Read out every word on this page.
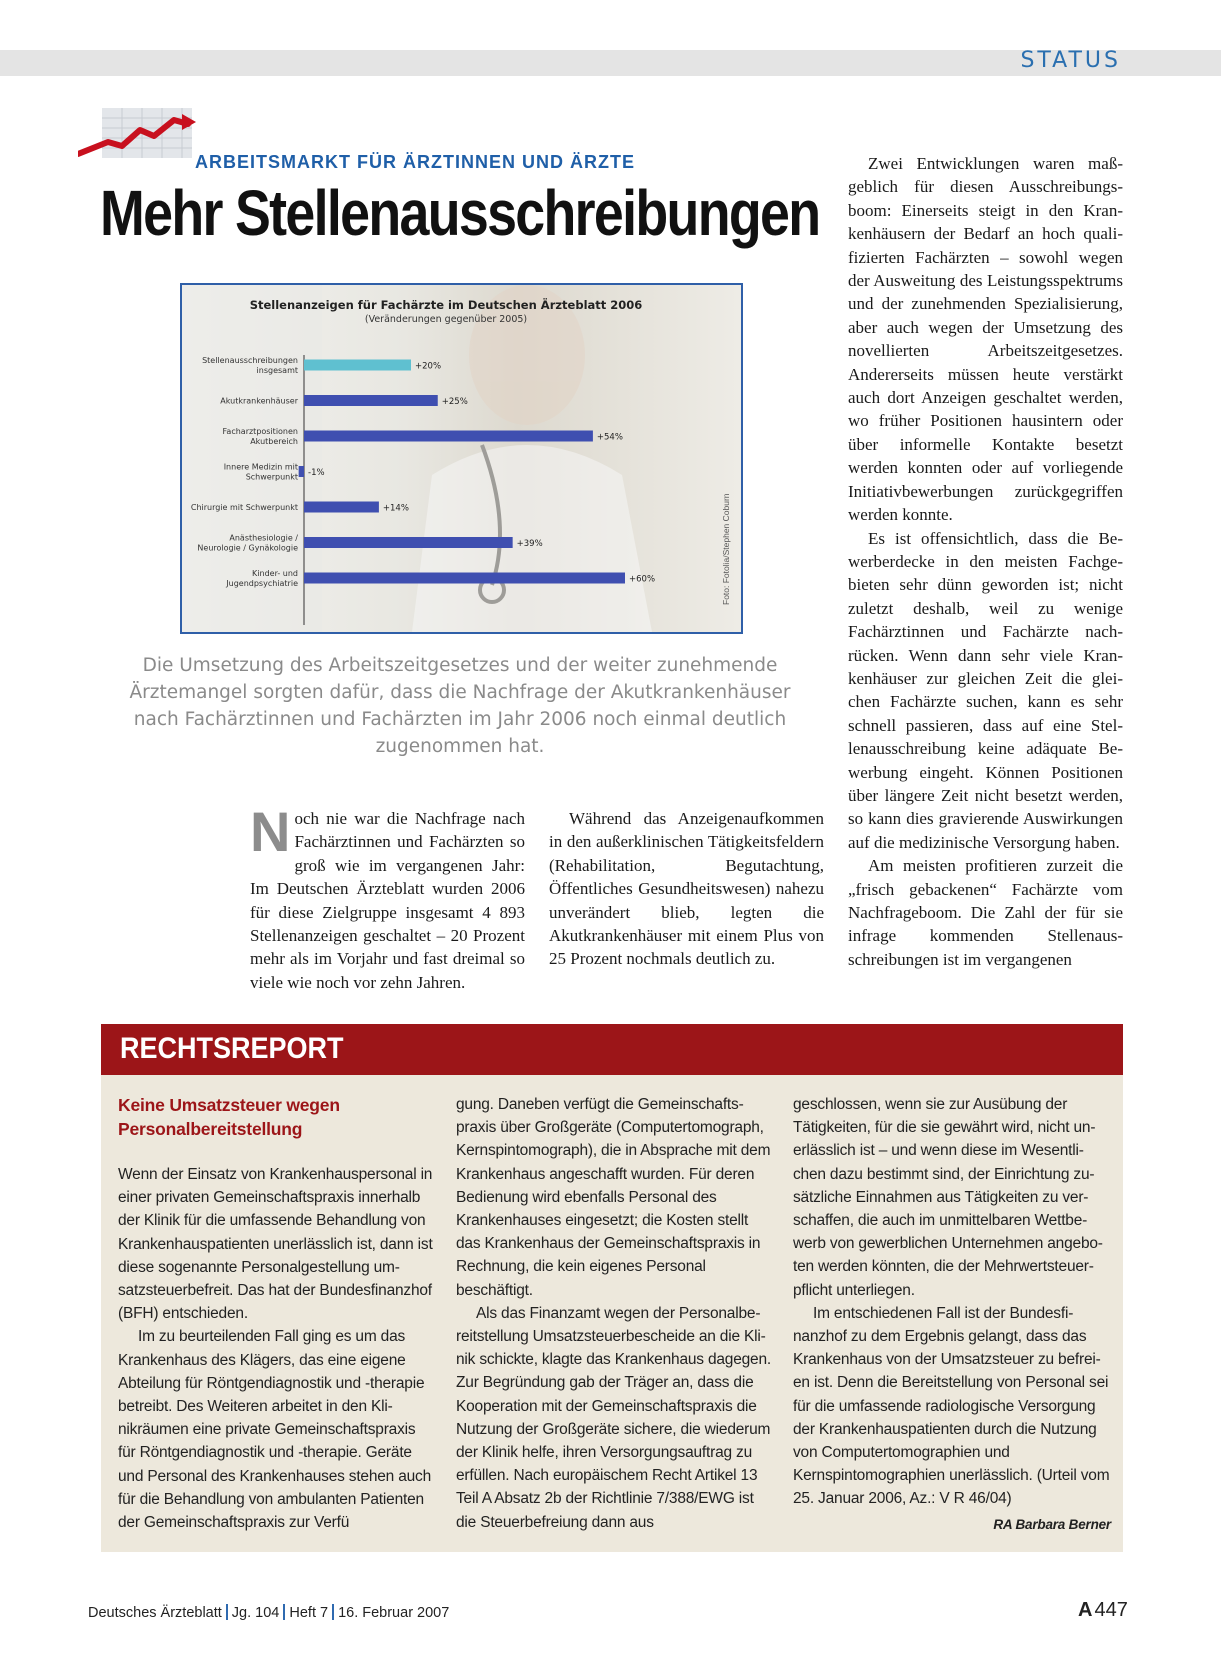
STATUS
ARBEITSMARKT FÜR ÄRZTINNEN UND ÄRZTE
Mehr Stellenausschreibungen
Stellenanzeigen für Fachärzte im Deutschen Ärzteblatt 2006
(Veränderungen gegenüber 2005)
+20%
Stellenausschreibungen insgesamt
+25%
Akutkrankenhäuser
+54%
Facharztpositionen Akutbereich
-1%
Innere Medizin mit Schwerpunkt
+14%
Chirurgie mit Schwerpunkt
+39%
Anästhesiologie / Neurologie / Gynäkologie
+60%
Kinder- und Jugendpsychiatrie	Foto: Fotolia/Stephen Coburn
Die Umsetzung des Arbeitszeitgesetzes und der weiter zunehmende Ärztemangel sorgten dafür, dass die Nachfrage der Akutkrankenhäuser nach Fachärztinnen und Fachärzten im Jahr 2006 noch einmal deutlich zugenommen hat.

Noch nie war die Nachfrage nach Fachärztinnen und Fachärzten so groß wie im vergangenen Jahr: Im Deutschen Ärzteblatt wurden 2006 für diese Zielgruppe insgesamt 4 893 Stellenanzeigen geschaltet – 20 Prozent mehr als im Vorjahr und fast dreimal so viele wie noch vor zehn Jahren.

Während das Anzeigenaufkommen in den außerklinischen Tätigkeitsfeldern (Rehabilitation, Begutachtung, Öffentliches Gesundheitswesen) nahezu unverändert blieb, legten die Akutkrankenhäuser mit einem Plus von 25 Prozent nochmals deutlich zu.

Zwei Entwicklungen waren maßgeblich für diesen Ausschreibungsboom: Einerseits steigt in den Krankenhäusern der Bedarf an hoch qualifizierten Fachärzten – sowohl wegen der Ausweitung des Leistungsspektrums und der zunehmenden Spezialisierung, aber auch wegen der Umsetzung des novellierten Arbeitszeitgesetzes. Andererseits müssen heute verstärkt auch dort Anzeigen geschaltet werden, wo früher Positionen hausintern oder über informelle Kontakte besetzt werden konnten oder auf vorliegende Initiativbewerbungen zurückgegriffen werden konnte.

Es ist offensichtlich, dass die Bewerberdecke in den meisten Fachgebieten sehr dünn geworden ist; nicht zuletzt deshalb, weil zu wenige Fachärztinnen und Fachärzte nachrücken. Wenn dann sehr viele Krankenhäuser zur gleichen Zeit die gleichen Fachärzte suchen, kann es sehr schnell passieren, dass auf eine Stellenausschreibung keine adäquate Bewerbung eingeht. Können Positionen über längere Zeit nicht besetzt werden, so kann dies gravierende Auswirkungen auf die medizinische Versorgung haben.

Am meisten profitieren zurzeit die „frisch gebackenen“ Fachärzte vom Nachfrageboom. Die Zahl der für sie infrage kommenden Stellenausschreibungen ist im vergangenen

RECHTSREPORT
Keine Umsatzsteuer wegen Personalbereitstellung

Wenn der Einsatz von Krankenhauspersonal in einer privaten Gemeinschaftspraxis innerhalb der Klinik für die umfassende Behandlung von Krankenhauspatienten unerlässlich ist, dann ist diese sogenannte Personalgestellung umsatzsteuerbefreit. Das hat der Bundesfinanzhof (BFH) entschieden.

Im zu beurteilenden Fall ging es um das Krankenhaus des Klägers, das eine eigene Abteilung für Röntgendiagnostik und -therapie betreibt. Des Weiteren arbeitet in den Klinikräumen eine private Gemeinschaftspraxis für Röntgendiagnostik und -therapie. Geräte und Personal des Krankenhauses stehen auch für die Behandlung von ambulanten Patienten der Gemeinschaftspraxis zur Verfü

gung. Daneben verfügt die Gemeinschaftspraxis über Großgeräte (Computertomograph, Kernspintomograph), die in Absprache mit dem Krankenhaus angeschafft wurden. Für deren Bedienung wird ebenfalls Personal des Krankenhauses eingesetzt; die Kosten stellt das Krankenhaus der Gemeinschaftspraxis in Rechnung, die kein eigenes Personal beschäftigt.

Als das Finanzamt wegen der Personalbereitstellung Umsatzsteuerbescheide an die Klinik schickte, klagte das Krankenhaus dagegen. Zur Begründung gab der Träger an, dass die Kooperation mit der Gemeinschaftspraxis die Nutzung der Großgeräte sichere, die wiederum der Klinik helfe, ihren Versorgungsauftrag zu erfüllen. Nach europäischem Recht Artikel 13 Teil A Absatz 2b der Richtlinie 7/388/EWG ist die Steuerbefreiung dann aus

geschlossen, wenn sie zur Ausübung der Tätigkeiten, für die sie gewährt wird, nicht unerlässlich ist – und wenn diese im Wesentlichen dazu bestimmt sind, der Einrichtung zusätzliche Einnahmen aus Tätigkeiten zu verschaffen, die auch im unmittelbaren Wettbewerb von gewerblichen Unternehmen angeboten werden könnten, die der Mehrwertsteuerpflicht unterliegen.

Im entschiedenen Fall ist der Bundesfinanzhof zu dem Ergebnis gelangt, dass das Krankenhaus von der Umsatzsteuer zu befreien ist. Denn die Bereitstellung von Personal sei für die umfassende radiologische Versorgung der Krankenhauspatienten durch die Nutzung von Computertomographien und Kernspintomographien unerlässlich. (Urteil vom 25. Januar 2006, Az.: V R 46/04)

RA Barbara Berner
Deutsches Ärzteblatt Jg. 104 Heft 7 16. Februar 2007	A 447
